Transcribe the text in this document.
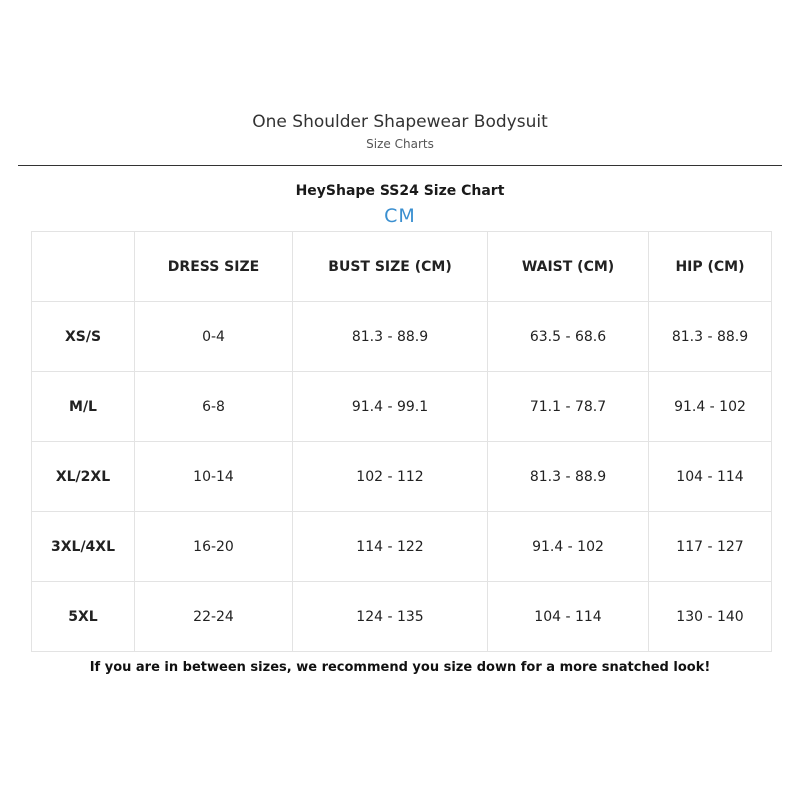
One Shoulder Shapewear Bodysuit
Size Charts
HeyShape SS24 Size Chart
CM
	DRESS SIZE	BUST SIZE (CM)	WAIST (CM)	HIP (CM)
XS/S	0-4	81.3 - 88.9	63.5 - 68.6	81.3 - 88.9
M/L	6-8	91.4 - 99.1	71.1 - 78.7	91.4 - 102
XL/2XL	10-14	102 - 112	81.3 - 88.9	104 - 114
3XL/4XL	16-20	114 - 122	91.4 - 102	117 - 127
5XL	22-24	124 - 135	104 - 114	130 - 140
If you are in between sizes, we recommend you size down for a more snatched look!
